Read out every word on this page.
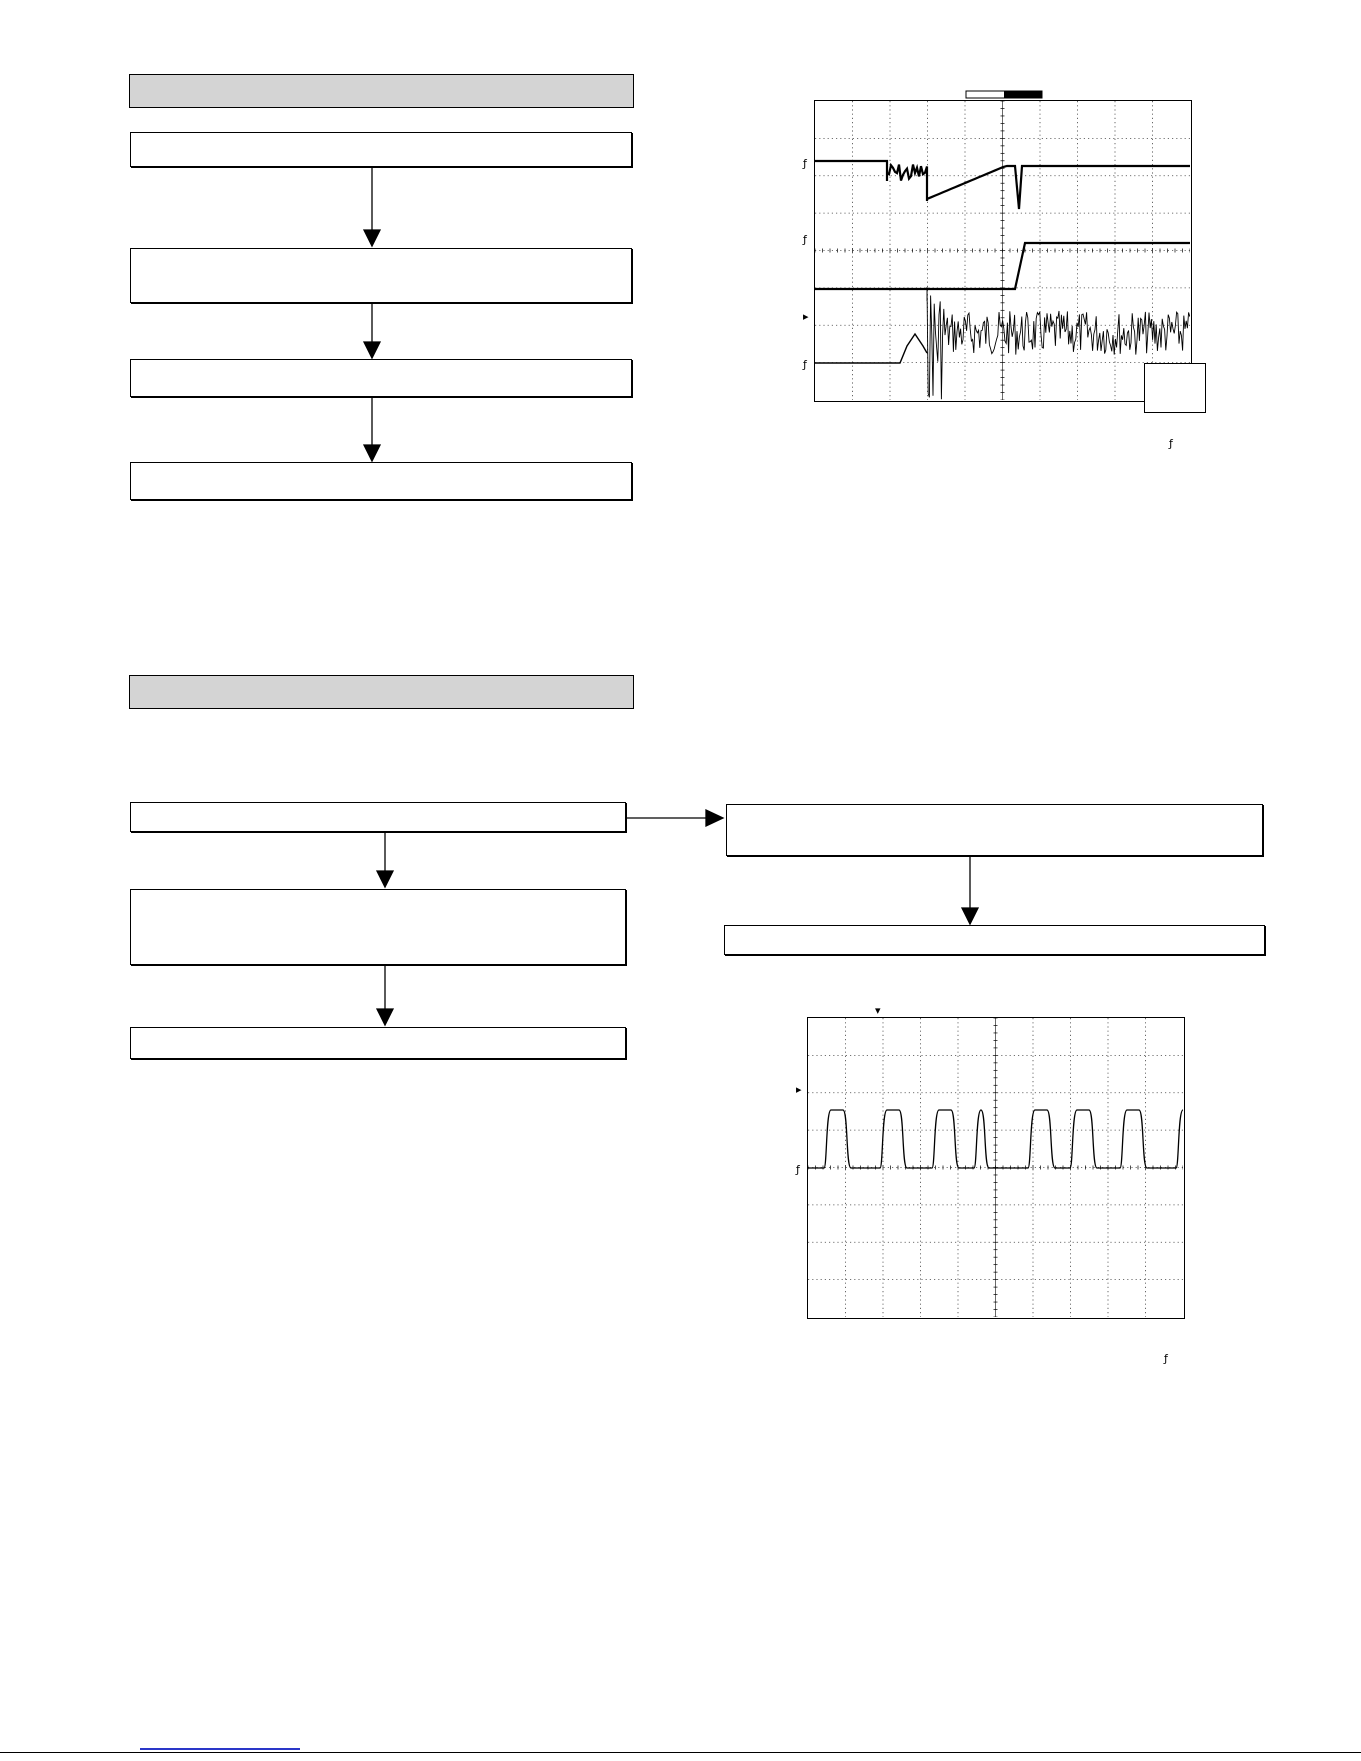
ƒ
ƒ
▸
ƒ
ƒ
▾
▸
ƒ
ƒ
